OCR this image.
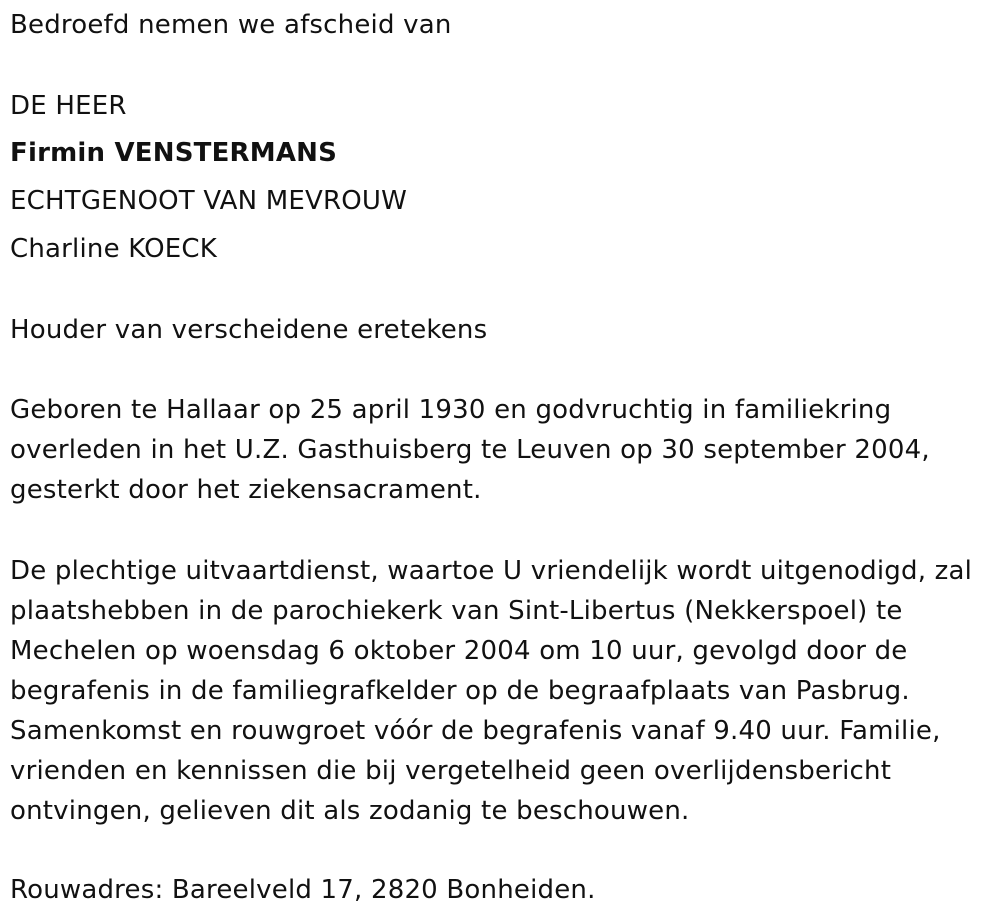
Bedroefd nemen we afscheid van
DE HEER
Firmin VENSTERMANS
ECHTGENOOT VAN MEVROUW
Charline KOECK
Houder van verscheidene eretekens
Geboren te Hallaar op 25 april 1930 en godvruchtig in familiekring
overleden in het U.Z. Gasthuisberg te Leuven op 30 september 2004,
gesterkt door het ziekensacrament.
De plechtige uitvaartdienst, waartoe U vriendelijk wordt uitgenodigd, zal
plaatshebben in de parochiekerk van Sint-Libertus (Nekkerspoel) te
Mechelen op woensdag 6 oktober 2004 om 10 uur, gevolgd door de
begrafenis in de familiegrafkelder op de begraafplaats van Pasbrug.
Samenkomst en rouwgroet vóór de begrafenis vanaf 9.40 uur. Familie,
vrienden en kennissen die bij vergetelheid geen overlijdensbericht
ontvingen, gelieven dit als zodanig te beschouwen.
Rouwadres: Bareelveld 17, 2820 Bonheiden.
